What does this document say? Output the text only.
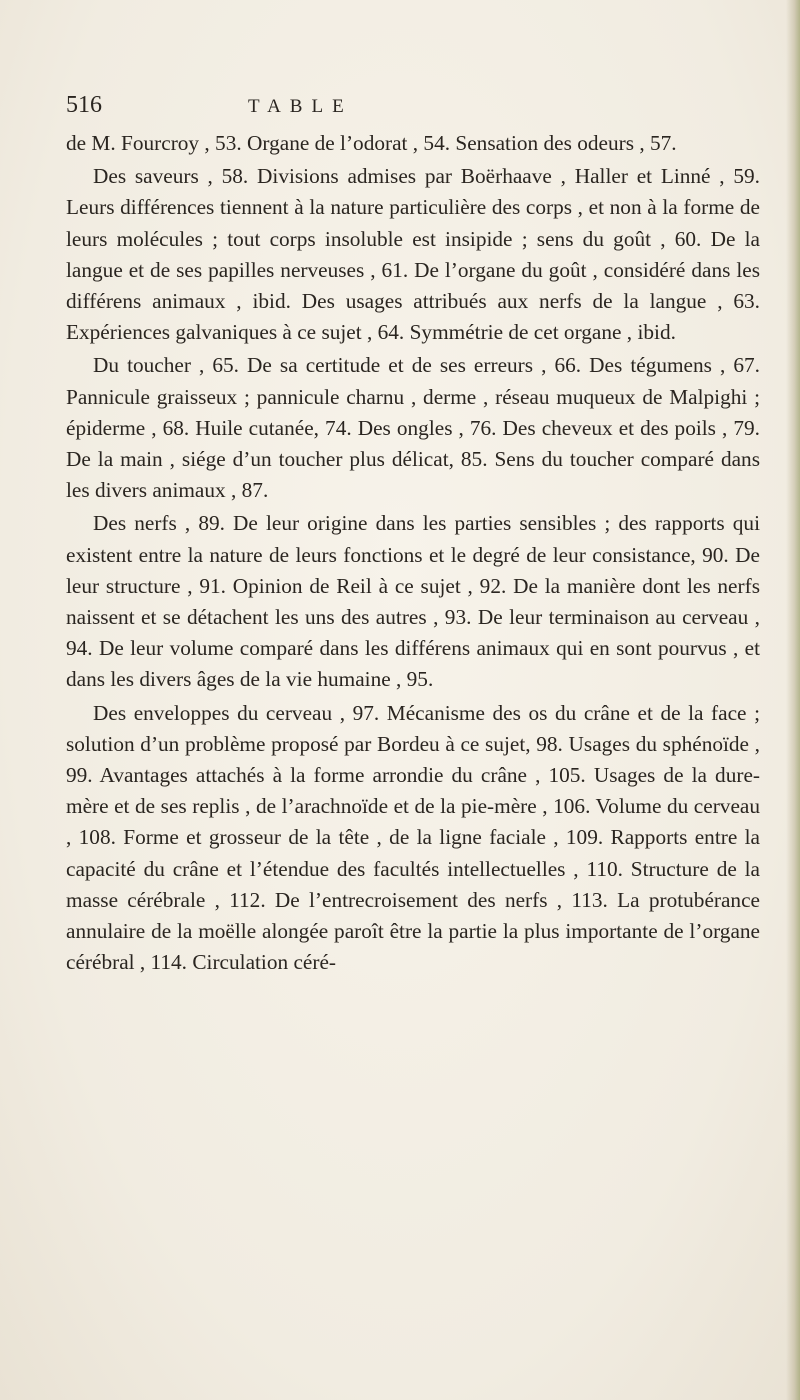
516	TABLE

de M. Fourcroy , 53. Organe de l’odorat , 54. Sensation des odeurs , 57.

Des saveurs , 58. Divisions admises par Boërhaave , Haller et Linné , 59. Leurs différences tiennent à la nature particulière des corps , et non à la forme de leurs molécules ; tout corps insoluble est insipide ; sens du goût , 60. De la langue et de ses papilles nerveuses , 61. De l’organe du goût , considéré dans les différens animaux , ibid. Des usages attribués aux nerfs de la langue , 63. Expériences galvaniques à ce sujet , 64. Symmétrie de cet organe , ibid.

Du toucher , 65. De sa certitude et de ses erreurs , 66. Des tégumens , 67. Pannicule graisseux ; pannicule charnu , derme , réseau muqueux de Malpighi ; épiderme , 68. Huile cutanée, 74. Des ongles , 76. Des cheveux et des poils , 79. De la main , siége d’un toucher plus délicat, 85. Sens du toucher comparé dans les divers animaux , 87.

Des nerfs , 89. De leur origine dans les parties sensibles ; des rapports qui existent entre la nature de leurs fonctions et le degré de leur consistance, 90. De leur structure , 91. Opinion de Reil à ce sujet , 92. De la manière dont les nerfs naissent et se détachent les uns des autres , 93. De leur terminaison au cerveau , 94. De leur volume comparé dans les différens animaux qui en sont pourvus , et dans les divers âges de la vie humaine , 95.

Des enveloppes du cerveau , 97. Mécanisme des os du crâne et de la face ; solution d’un problème proposé par Bordeu à ce sujet, 98. Usages du sphénoïde , 99. Avantages attachés à la forme arrondie du crâne , 105. Usages de la dure-mère et de ses replis , de l’arachnoïde et de la pie-mère , 106. Volume du cerveau , 108. Forme et grosseur de la tête , de la ligne faciale , 109. Rapports entre la capacité du crâne et l’étendue des facultés intellectuelles , 110. Structure de la masse cérébrale , 112. De l’entrecroisement des nerfs , 113. La protubérance annulaire de la moëlle alongée paroît être la partie la plus importante de l’organe cérébral , 114. Circulation céré-
